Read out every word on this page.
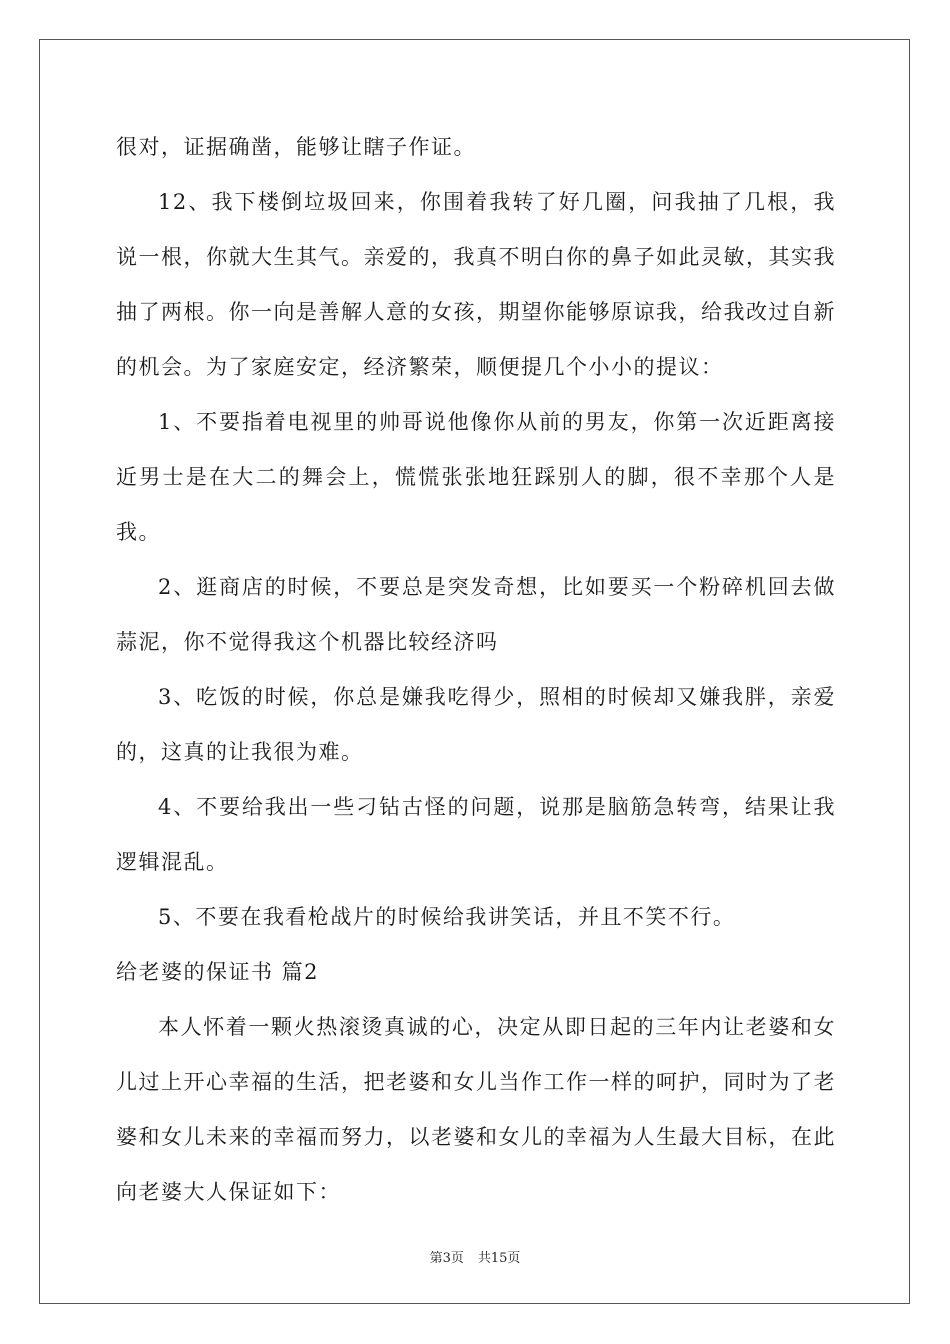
很对，证据确凿，能够让瞎子作证。

12、我下楼倒垃圾回来，你围着我转了好几圈，问我抽了几根，我说一根，你就大生其气。亲爱的，我真不明白你的鼻子如此灵敏，其实我抽了两根。你一向是善解人意的女孩，期望你能够原谅我，给我改过自新的机会。为了家庭安定，经济繁荣，顺便提几个小小的提议：

1、不要指着电视里的帅哥说他像你从前的男友，你第一次近距离接近男士是在大二的舞会上，慌慌张张地狂踩别人的脚，很不幸那个人是我。

2、逛商店的时候，不要总是突发奇想，比如要买一个粉碎机回去做蒜泥，你不觉得我这个机器比较经济吗

3、吃饭的时候，你总是嫌我吃得少，照相的时候却又嫌我胖，亲爱的，这真的让我很为难。

4、不要给我出一些刁钻古怪的问题，说那是脑筋急转弯，结果让我逻辑混乱。

5、不要在我看枪战片的时候给我讲笑话，并且不笑不行。

给老婆的保证书 篇2

本人怀着一颗火热滚烫真诚的心，决定从即日起的三年内让老婆和女儿过上开心幸福的生活，把老婆和女儿当作工作一样的呵护，同时为了老婆和女儿未来的幸福而努力，以老婆和女儿的幸福为人生最大目标，在此向老婆大人保证如下：

第3页 共15页
